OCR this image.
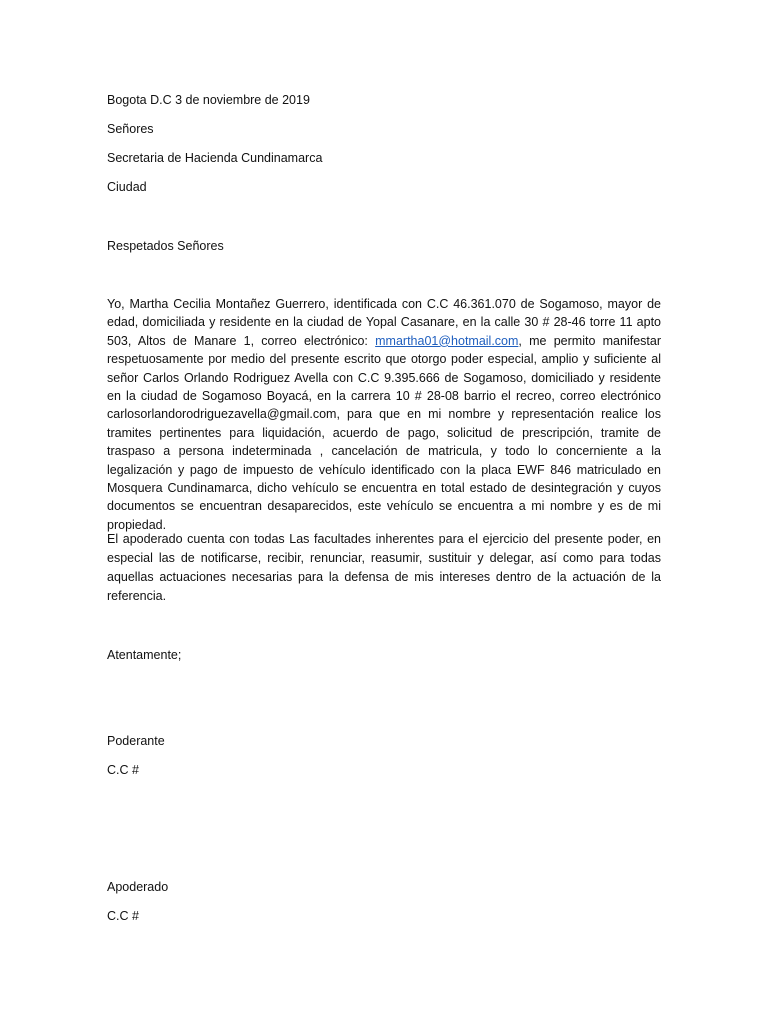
Bogota D.C 3 de noviembre de 2019
Señores
Secretaria de Hacienda Cundinamarca
Ciudad
Respetados Señores

Yo, Martha Cecilia Montañez Guerrero, identificada con C.C 46.361.070 de Sogamoso, mayor de edad, domiciliada y residente en la ciudad de Yopal Casanare, en la calle 30 # 28-46 torre 11 apto 503, Altos de Manare 1, correo electrónico: mmartha01@hotmail.com, me permito manifestar respetuosamente por medio del presente escrito que otorgo poder especial, amplio y suficiente al señor Carlos Orlando Rodriguez Avella con C.C 9.395.666 de Sogamoso, domiciliado y residente en la ciudad de Sogamoso Boyacá, en la carrera 10 # 28-08 barrio el recreo, correo electrónico carlosorlandorodriguezavella@gmail.com, para que en mi nombre y representación realice los tramites pertinentes para liquidación, acuerdo de pago, solicitud de prescripción, tramite de traspaso a persona indeterminada , cancelación de matricula, y todo lo concerniente a la legalización y pago de impuesto de vehículo identificado con la placa EWF 846 matriculado en Mosquera Cundinamarca, dicho vehículo se encuentra en total estado de desintegración y cuyos documentos se encuentran desaparecidos, este vehículo se encuentra a mi nombre y es de mi propiedad.

El apoderado cuenta con todas Las facultades inherentes para el ejercicio del presente poder, en especial las de notificarse, recibir, renunciar, reasumir, sustituir y delegar, así como para todas aquellas actuaciones necesarias para la defensa de mis intereses dentro de la actuación de la referencia.

Atentamente;
Poderante
C.C #
Apoderado
C.C #
